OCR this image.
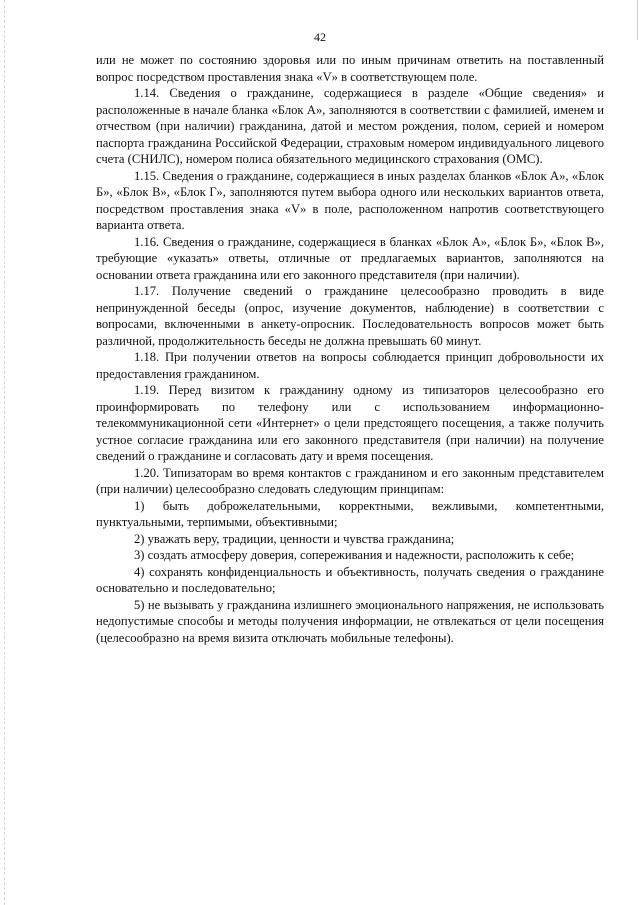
42

или не может по состоянию здоровья или по иным причинам ответить на поставленный вопрос посредством проставления знака «V» в соответствующем поле.

1.14. Сведения о гражданине, содержащиеся в разделе «Общие сведения» и расположенные в начале бланка «Блок А», заполняются в соответствии с фамилией, именем и отчеством (при наличии) гражданина, датой и местом рождения, полом, серией и номером паспорта гражданина Российской Федерации, страховым номером индивидуального лицевого счета (СНИЛС), номером полиса обязательного медицинского страхования (ОМС).

1.15. Сведения о гражданине, содержащиеся в иных разделах бланков «Блок А», «Блок Б», «Блок В», «Блок Г», заполняются путем выбора одного или нескольких вариантов ответа, посредством проставления знака «V» в поле, расположенном напротив соответствующего варианта ответа.

1.16. Сведения о гражданине, содержащиеся в бланках «Блок А», «Блок Б», «Блок В», требующие «указать» ответы, отличные от предлагаемых вариантов, заполняются на основании ответа гражданина или его законного представителя (при наличии).

1.17. Получение сведений о гражданине целесообразно проводить в виде непринужденной беседы (опрос, изучение документов, наблюдение) в соответствии с вопросами, включенными в анкету-опросник. Последовательность вопросов может быть различной, продолжительность беседы не должна превышать 60 минут.

1.18. При получении ответов на вопросы соблюдается принцип добровольности их предоставления гражданином.

1.19. Перед визитом к гражданину одному из типизаторов целесообразно его проинформировать по телефону или с использованием информационно-телекоммуникационной сети «Интернет» о цели предстоящего посещения, а также получить устное согласие гражданина или его законного представителя (при наличии) на получение сведений о гражданине и согласовать дату и время посещения.

1.20. Типизаторам во время контактов с гражданином и его законным представителем (при наличии) целесообразно следовать следующим принципам:

1) быть доброжелательными, корректными, вежливыми, компетентными, пунктуальными, терпимыми, объективными;

2) уважать веру, традиции, ценности и чувства гражданина;

3) создать атмосферу доверия, сопереживания и надежности, расположить к себе;

4) сохранять конфиденциальность и объективность, получать сведения о гражданине основательно и последовательно;

5) не вызывать у гражданина излишнего эмоционального напряжения, не использовать недопустимые способы и методы получения информации, не отвлекаться от цели посещения (целесообразно на время визита отключать мобильные телефоны).
